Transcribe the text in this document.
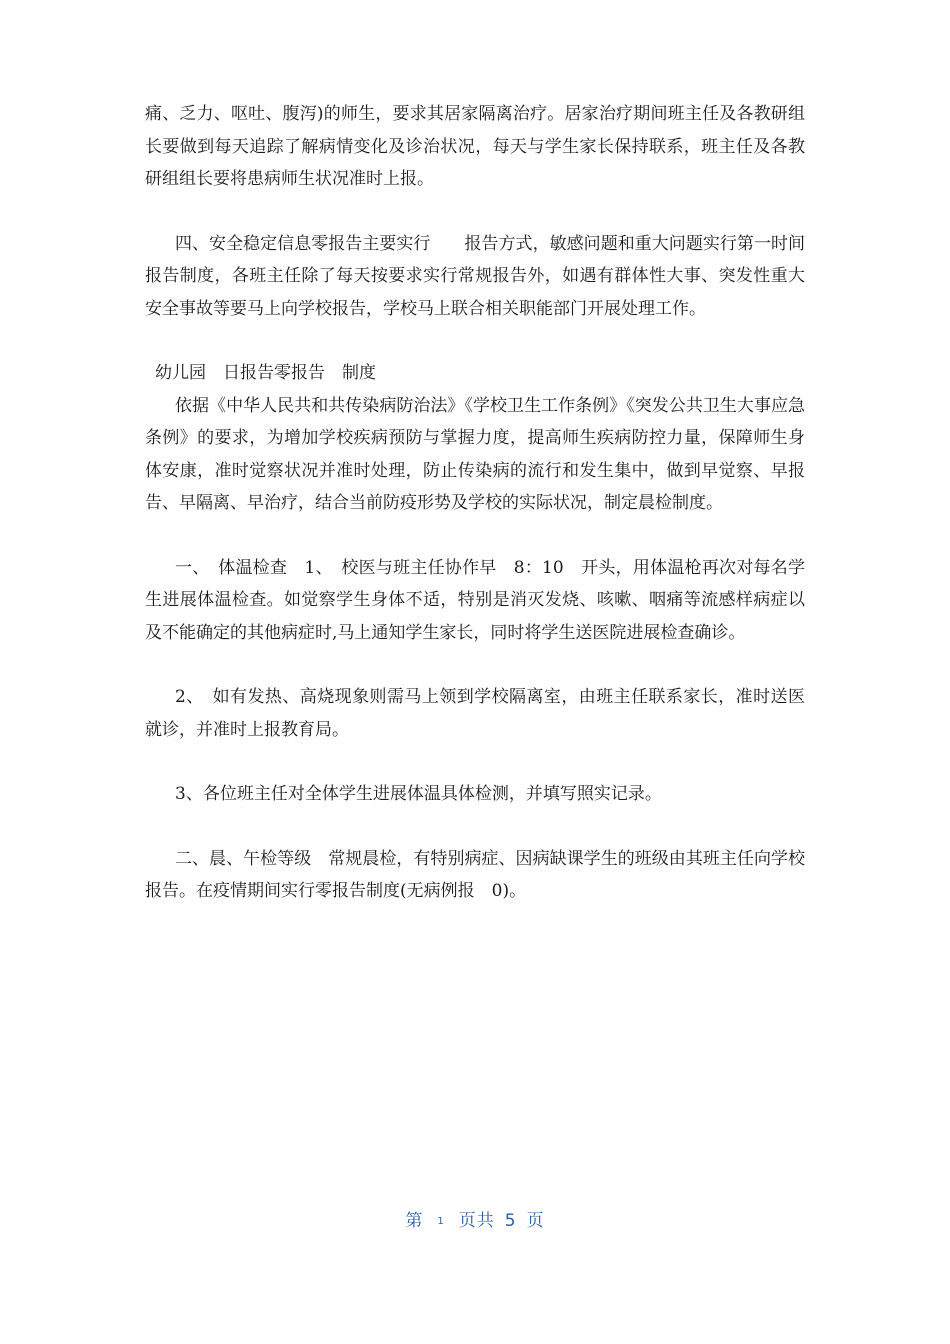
痛、乏力、呕吐、腹泻)的师生，要求其居家隔离治疗。居家治疗期间班主任及各教研组长要做到每天追踪了解病情变化及诊治状况，每天与学生家长保持联系，班主任及各教研组组长要将患病师生状况准时上报。

四、安全稳定信息零报告主要实行　　报告方式，敏感问题和重大问题实行第一时间报告制度，各班主任除了每天按要求实行常规报告外，如遇有群体性大事、突发性重大安全事故等要马上向学校报告，学校马上联合相关职能部门开展处理工作。

幼儿园　日报告零报告　制度

依据《中华人民共和共传染病防治法》《学校卫生工作条例》《突发公共卫生大事应急条例》的要求，为增加学校疾病预防与掌握力度，提高师生疾病防控力量，保障师生身体安康，准时觉察状况并准时处理，防止传染病的流行和发生集中，做到早觉察、早报告、早隔离、早治疗，结合当前防疫形势及学校的实际状况，制定晨检制度。

一、　体温检查　1、　校医与班主任协作早　8：10　开头，用体温枪再次对每名学生进展体温检查。如觉察学生身体不适，特别是消灭发烧、咳嗽、咽痛等流感样病症以及不能确定的其他病症时,马上通知学生家长，同时将学生送医院进展检查确诊。

2、　如有发热、高烧现象则需马上领到学校隔离室，由班主任联系家长，准时送医就诊，并准时上报教育局。

3、各位班主任对全体学生进展体温具体检测，并填写照实记录。

二、晨、午检等级　常规晨检，有特别病症、因病缺课学生的班级由其班主任向学校报告。在疫情期间实行零报告制度(无病例报　0)。

第 1 页共 5 页
